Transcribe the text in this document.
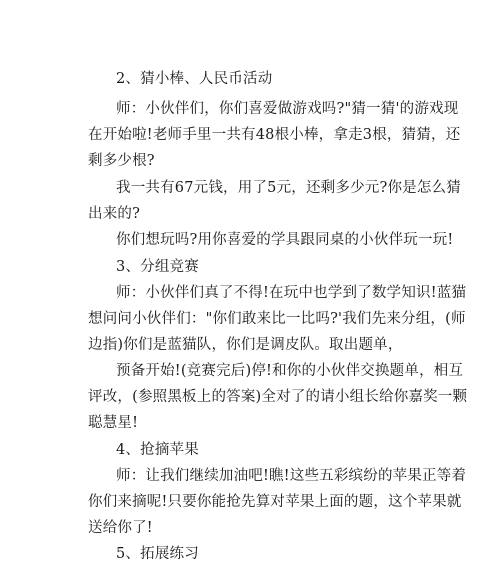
2、猜小棒、人民币活动
师：小伙伴们，你们喜爱做游戏吗?"猜一猜'的游戏现
在开始啦!老师手里一共有48根小棒，拿走3根，猜猜，还
剩多少根?
我一共有67元钱，用了5元，还剩多少元?你是怎么猜
出来的?
你们想玩吗?用你喜爱的学具跟同桌的小伙伴玩一玩!
3、分组竞赛
师：小伙伴们真了不得!在玩中也学到了数学知识!蓝猫
想问问小伙伴们："你们敢来比一比吗?'我们先来分组，(师
边指)你们是蓝猫队，你们是调皮队。取出题单，
预备开始!(竞赛完后)停!和你的小伙伴交换题单，相互
评改，(参照黑板上的答案)全对了的请小组长给你嘉奖一颗
聪慧星!
4、抢摘苹果
师：让我们继续加油吧!瞧!这些五彩缤纷的苹果正等着
你们来摘呢!只要你能抢先算对苹果上面的题，这个苹果就
送给你了!
5、拓展练习
